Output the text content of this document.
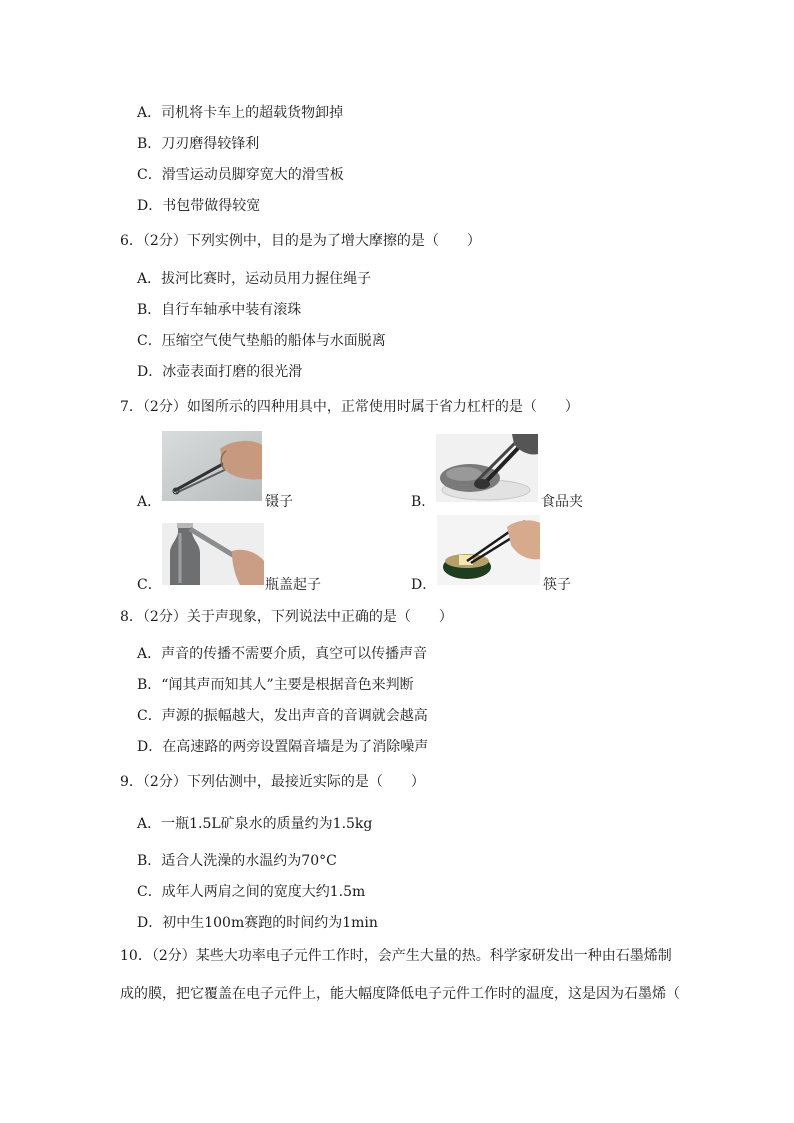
A．司机将卡车上的超载货物卸掉
B．刀刃磨得较锋利
C．滑雪运动员脚穿宽大的滑雪板
D．书包带做得较宽
6．（2分）下列实例中，目的是为了增大摩擦的是（　　）
A．拔河比赛时，运动员用力握住绳子
B．自行车轴承中装有滚珠
C．压缩空气使气垫船的船体与水面脱离
D．冰壶表面打磨的很光滑
7．（2分）如图所示的四种用具中，正常使用时属于省力杠杆的是（　　）
A．	镊子	B．	食品夹
C．	瓶盖起子	D．	筷子
8．（2分）关于声现象，下列说法中正确的是（　　）
A．声音的传播不需要介质，真空可以传播声音
B．“闻其声而知其人”主要是根据音色来判断
C．声源的振幅越大，发出声音的音调就会越高
D．在高速路的两旁设置隔音墙是为了消除噪声
9．（2分）下列估测中，最接近实际的是（　　）
A．一瓶1.5L矿泉水的质量约为1.5kg
B．适合人洗澡的水温约为70°C
C．成年人两肩之间的宽度大约1.5m
D．初中生100m赛跑的时间约为1min
10．（2分）某些大功率电子元件工作时，会产生大量的热。科学家研发出一种由石墨烯制
成的膜，把它覆盖在电子元件上，能大幅度降低电子元件工作时的温度，这是因为石墨烯（
